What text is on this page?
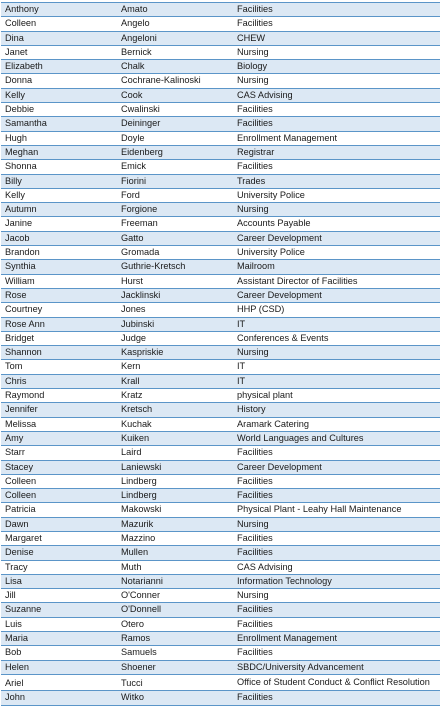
Anthony	Amato	Facilities
Colleen	Angelo	Facilities
Dina	Angeloni	CHEW
Janet	Bernick	Nursing
Elizabeth	Chalk	Biology
Donna	Cochrane-Kalinoski	Nursing
Kelly	Cook	CAS Advising
Debbie	Cwalinski	Facilities
Samantha	Deininger	Facilities
Hugh	Doyle	Enrollment Management
Meghan	Eidenberg	Registrar
Shonna	Emick	Facilities
Billy	Fiorini	Trades
Kelly	Ford	University Police
Autumn	Forgione	Nursing
Janine	Freeman	Accounts Payable
Jacob	Gatto	Career Development
Brandon	Gromada	University Police
Synthia	Guthrie-Kretsch	Mailroom
William	Hurst	Assistant Director of Facilities
Rose	Jacklinski	Career Development
Courtney	Jones	HHP (CSD)
Rose Ann	Jubinski	IT
Bridget	Judge	Conferences & Events
Shannon	Kaspriskie	Nursing
Tom	Kern	IT
Chris	Krall	IT
Raymond	Kratz	physical plant
Jennifer	Kretsch	History
Melissa	Kuchak	Aramark Catering
Amy	Kuiken	World Languages and Cultures
Starr	Laird	Facilities
Stacey	Laniewski	Career Development
Colleen	Lindberg	Facilities
Colleen	Lindberg	Facilities
Patricia	Makowski	Physical Plant - Leahy Hall Maintenance
Dawn	Mazurik	Nursing
Margaret	Mazzino	Facilities
Denise	Mullen	Facilities
Tracy	Muth	CAS Advising
Lisa	Notarianni	Information Technology
Jill	O'Conner	Nursing
Suzanne	O'Donnell	Facilities
Luis	Otero	Facilities
Maria	Ramos	Enrollment Management
Bob	Samuels	Facilities
Helen	Shoener	SBDC/University Advancement
Ariel	Tucci	Office of Student Conduct & Conflict Resolution
John	Witko	Facilities
